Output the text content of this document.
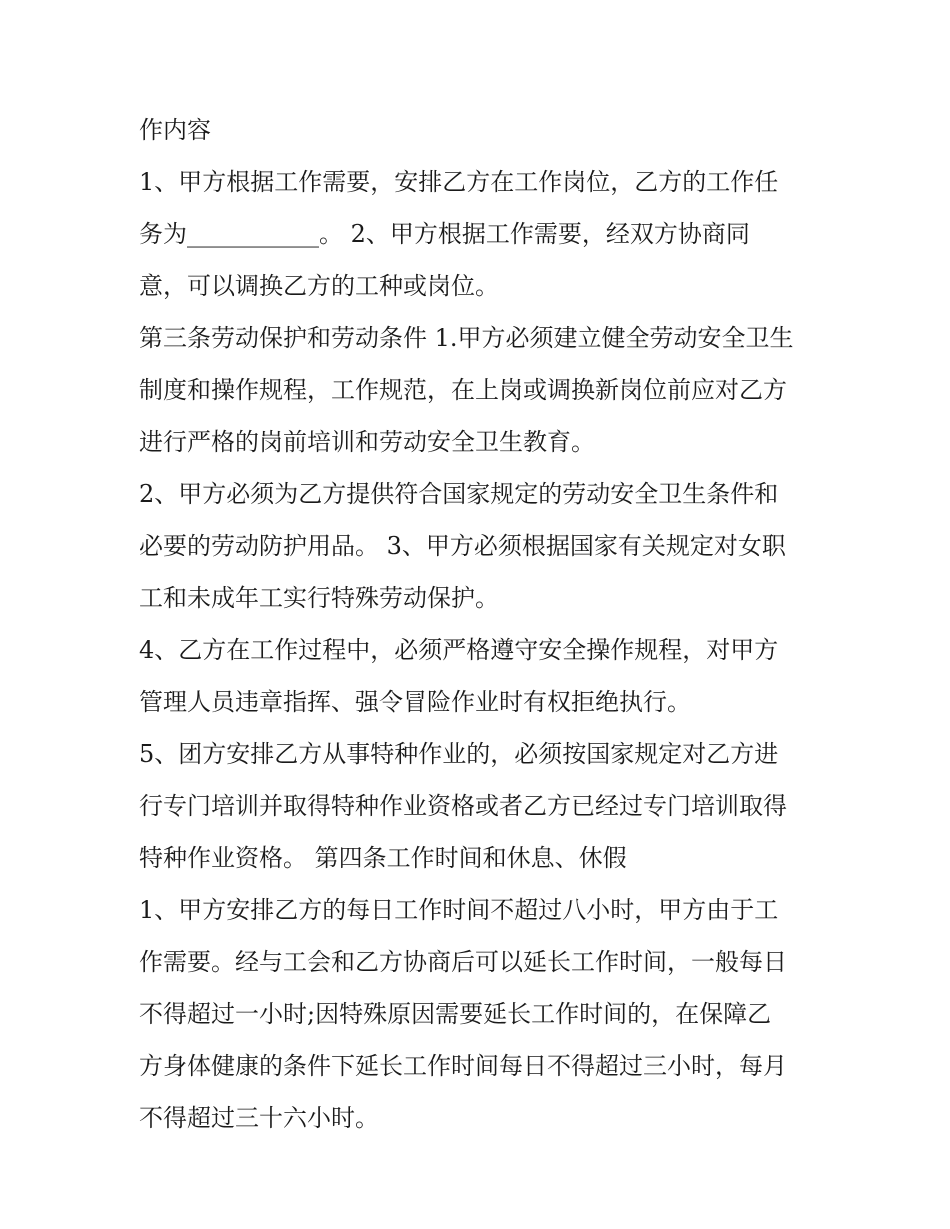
作内容
1、甲方根据工作需要，安排乙方在工作岗位，乙方的工作任
务为___________。 2、甲方根据工作需要，经双方协商同
意，可以调换乙方的工种或岗位。
第三条劳动保护和劳动条件 1.甲方必须建立健全劳动安全卫生
制度和操作规程，工作规范，在上岗或调换新岗位前应对乙方
进行严格的岗前培训和劳动安全卫生教育。
2、甲方必须为乙方提供符合国家规定的劳动安全卫生条件和
必要的劳动防护用品。 3、甲方必须根据国家有关规定对女职
工和未成年工实行特殊劳动保护。
4、乙方在工作过程中，必须严格遵守安全操作规程，对甲方
管理人员违章指挥、强令冒险作业时有权拒绝执行。
5、团方安排乙方从事特种作业的，必须按国家规定对乙方进
行专门培训并取得特种作业资格或者乙方已经过专门培训取得
特种作业资格。 第四条工作时间和休息、休假
1、甲方安排乙方的每日工作时间不超过八小时，甲方由于工
作需要。经与工会和乙方协商后可以延长工作时间，一般每日
不得超过一小时;因特殊原因需要延长工作时间的，在保障乙
方身体健康的条件下延长工作时间每日不得超过三小时，每月
不得超过三十六小时。
